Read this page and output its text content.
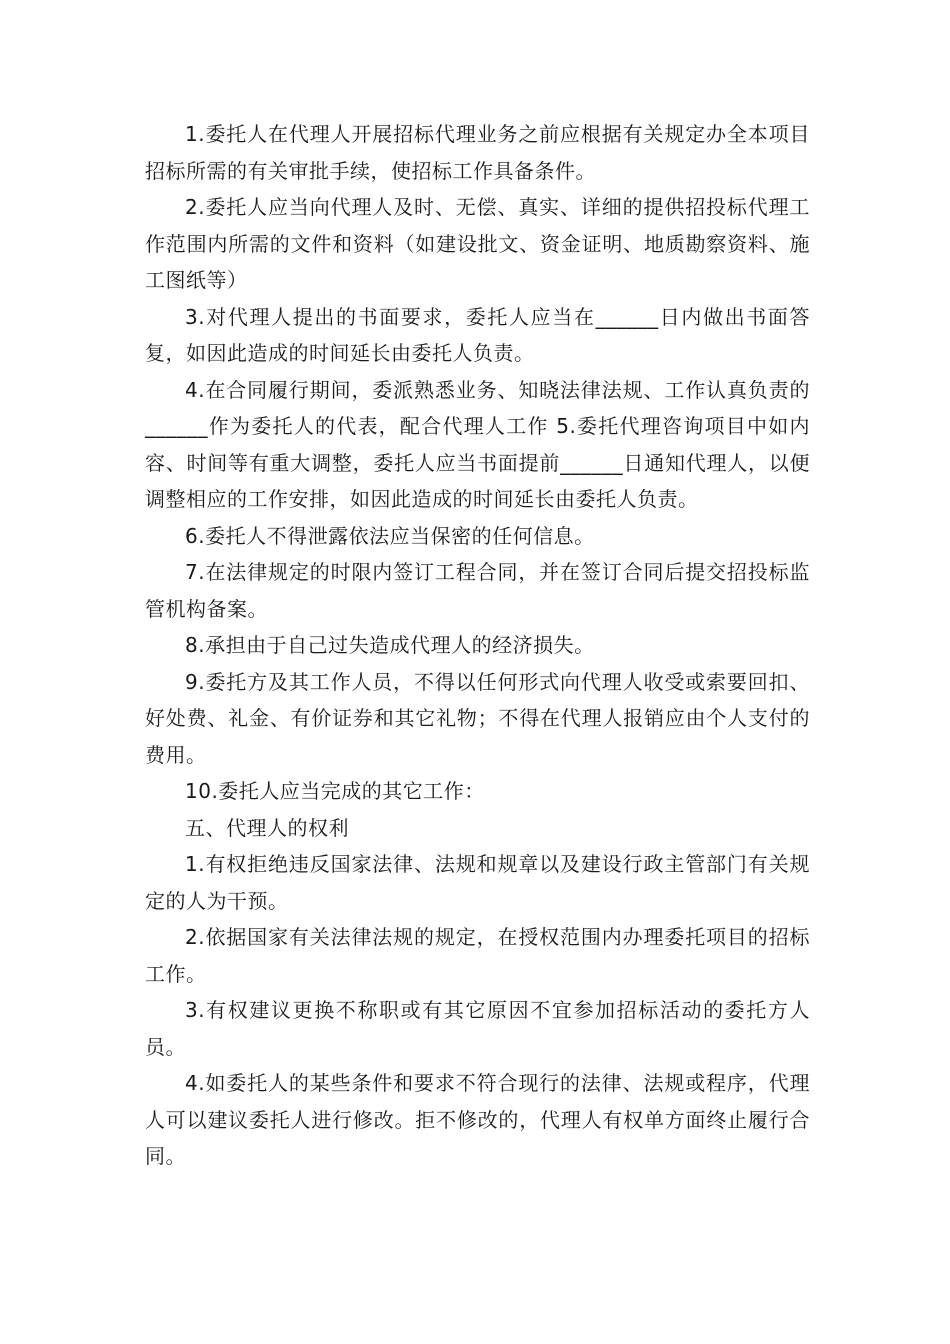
1.委托人在代理人开展招标代理业务之前应根据有关规定办全本项目招标所需的有关审批手续，使招标工作具备条件。

2.委托人应当向代理人及时、无偿、真实、详细的提供招投标代理工作范围内所需的文件和资料（如建设批文、资金证明、地质勘察资料、施工图纸等）

3.对代理人提出的书面要求，委托人应当在______日内做出书面答复，如因此造成的时间延长由委托人负责。

4.在合同履行期间，委派熟悉业务、知晓法律法规、工作认真负责的______作为委托人的代表，配合代理人工作 5.委托代理咨询项目中如内容、时间等有重大调整，委托人应当书面提前______日通知代理人，以便调整相应的工作安排，如因此造成的时间延长由委托人负责。

6.委托人不得泄露依法应当保密的任何信息。

7.在法律规定的时限内签订工程合同，并在签订合同后提交招投标监管机构备案。

8.承担由于自己过失造成代理人的经济损失。

9.委托方及其工作人员，不得以任何形式向代理人收受或索要回扣、好处费、礼金、有价证券和其它礼物；不得在代理人报销应由个人支付的费用。

10.委托人应当完成的其它工作：

五、代理人的权利

1.有权拒绝违反国家法律、法规和规章以及建设行政主管部门有关规定的人为干预。

2.依据国家有关法律法规的规定，在授权范围内办理委托项目的招标工作。

3.有权建议更换不称职或有其它原因不宜参加招标活动的委托方人员。

4.如委托人的某些条件和要求不符合现行的法律、法规或程序，代理人可以建议委托人进行修改。拒不修改的，代理人有权单方面终止履行合同。
